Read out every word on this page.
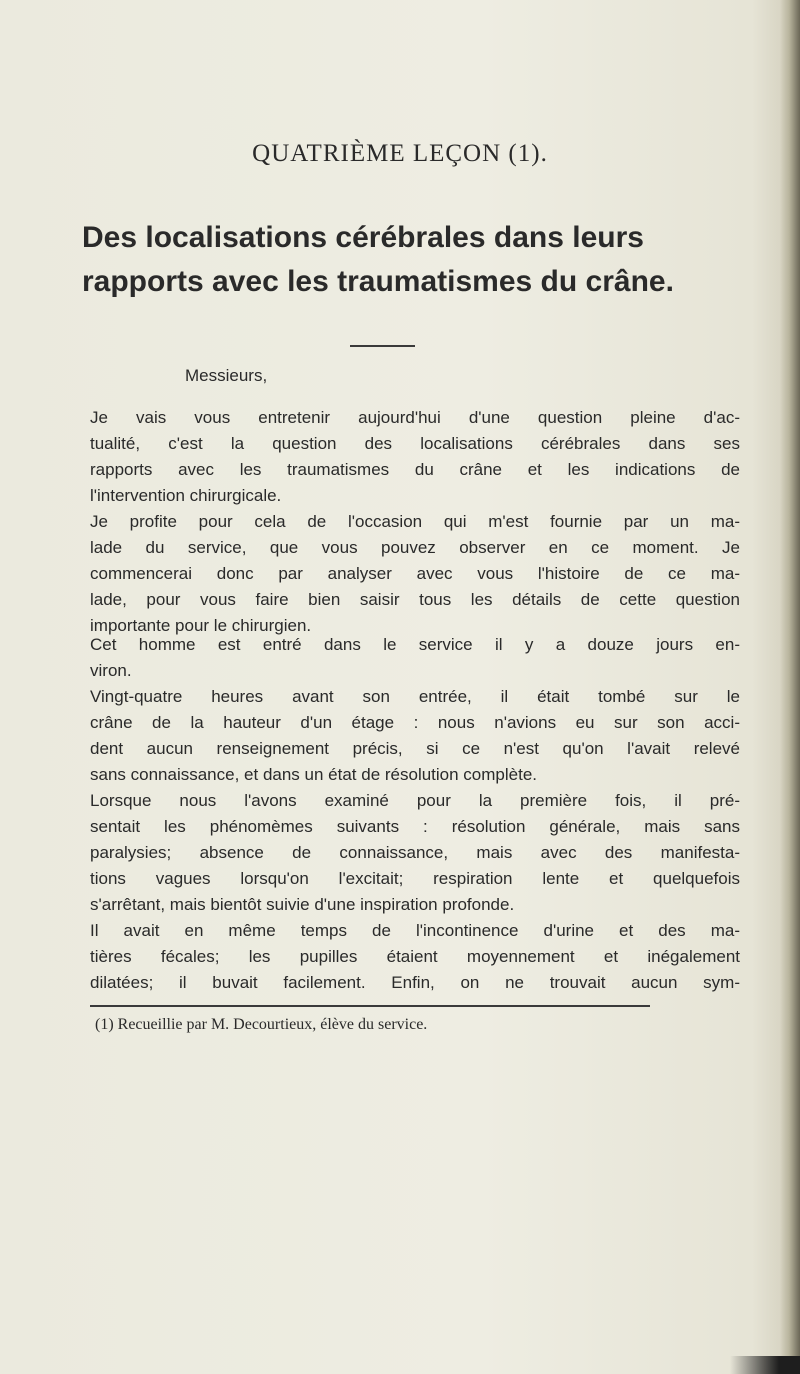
QUATRIÈME LEÇON (1).
Des localisations cérébrales dans leurs rapports avec les traumatismes du crâne.

Messieurs,

Je vais vous entretenir aujourd'hui d'une question pleine d'ac-
tualité, c'est la question des localisations cérébrales dans ses
rapports avec les traumatismes du crâne et les indications de
l'intervention chirurgicale.
Je profite pour cela de l'occasion qui m'est fournie par un ma-
lade du service, que vous pouvez observer en ce moment. Je
commencerai donc par analyser avec vous l'histoire de ce ma-
lade, pour vous faire bien saisir tous les détails de cette question
importante pour le chirurgien.
Cet homme est entré dans le service il y a douze jours en-
viron.
Vingt-quatre heures avant son entrée, il était tombé sur le
crâne de la hauteur d'un étage : nous n'avions eu sur son acci-
dent aucun renseignement précis, si ce n'est qu'on l'avait relevé
sans connaissance, et dans un état de résolution complète.
Lorsque nous l'avons examiné pour la première fois, il pré-
sentait les phénomèmes suivants : résolution générale, mais sans
paralysies; absence de connaissance, mais avec des manifesta-
tions vagues lorsqu'on l'excitait; respiration lente et quelquefois
s'arrêtant, mais bientôt suivie d'une inspiration profonde.
Il avait en même temps de l'incontinence d'urine et des ma-
tières fécales; les pupilles étaient moyennement et inégalement
dilatées; il buvait facilement. Enfin, on ne trouvait aucun sym-

(1) Recueillie par M. Decourtieux, élève du service.
